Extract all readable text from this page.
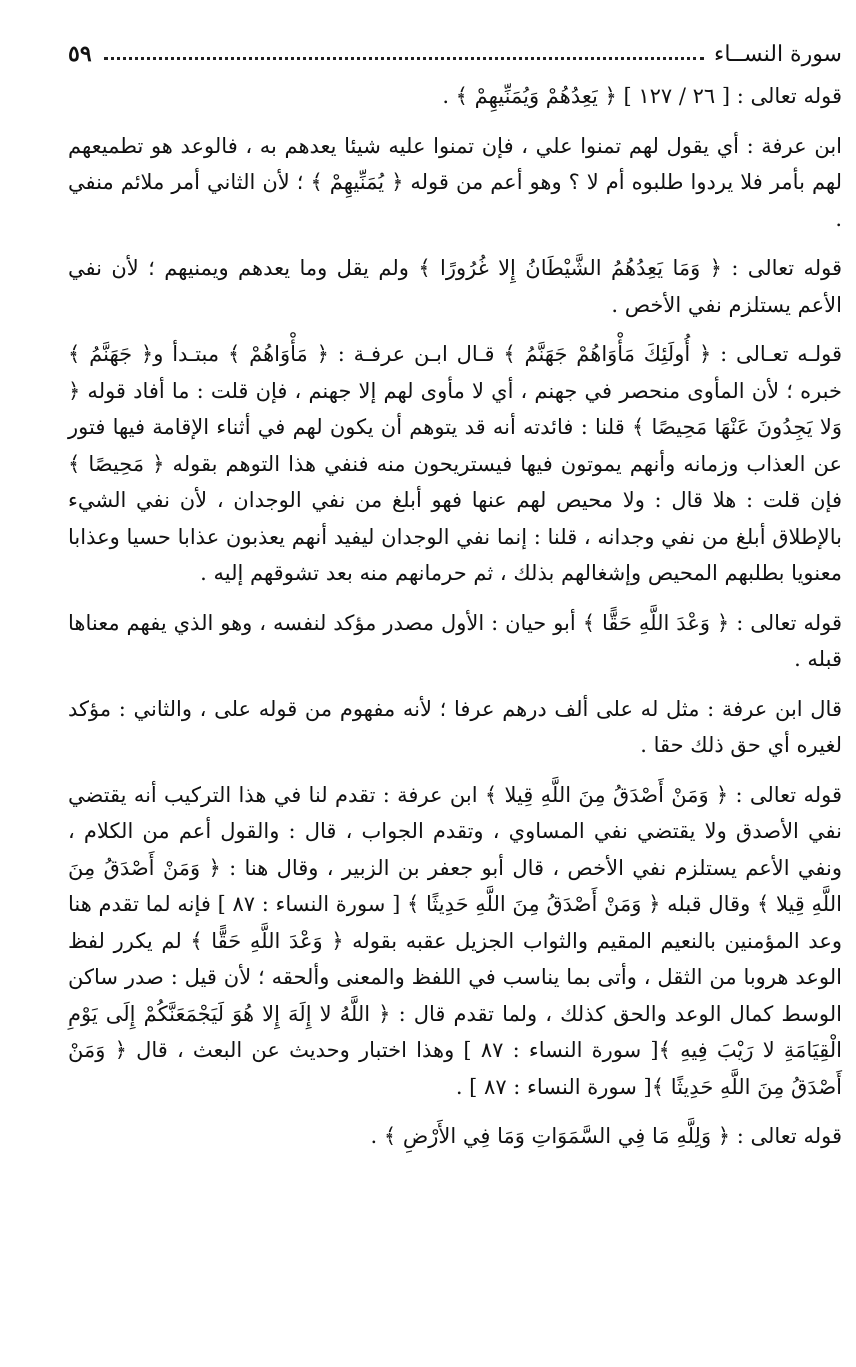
سورة النســاء
٥٩

قوله تعالى : [ ٢٦ / ١٢٧ ] ﴿ يَعِدُهُمْ وَيُمَنِّيهِمْ ﴾ .

ابن عرفة : أي يقول لهم تمنوا علي ، فإن تمنوا عليه شيئا يعدهم به ، فالوعد هو تطميعهم لهم بأمر فلا يردوا طلبوه أم لا ؟ وهو أعم من قوله ﴿ يُمَنِّيهِمْ ﴾ ؛ لأن الثاني أمر ملائم منفي .

قوله تعالى : ﴿ وَمَا يَعِدُهُمُ الشَّيْطَانُ إِلا غُرُورًا ﴾ ولم يقل وما يعدهم ويمنيهم ؛ لأن نفي الأعم يستلزم نفي الأخص .

قولـه تعـالى : ﴿ أُولَئِكَ مَأْوَاهُمْ جَهَنَّمُ ﴾ قـال ابـن عرفـة : ﴿ مَأْوَاهُمْ ﴾ مبتـدأ و﴿ جَهَنَّمُ ﴾ خبره ؛ لأن المأوى منحصر في جهنم ، أي لا مأوى لهم إلا جهنم ، فإن قلت : ما أفاد قوله ﴿ وَلا يَجِدُونَ عَنْهَا مَحِيصًا ﴾ قلنا : فائدته أنه قد يتوهم أن يكون لهم في أثناء الإقامة فيها فتور عن العذاب وزمانه وأنهم يموتون فيها فيستريحون منه فنفي هذا التوهم بقوله ﴿ مَحِيصًا ﴾ فإن قلت : هلا قال : ولا محيص لهم عنها فهو أبلغ من نفي الوجدان ، لأن نفي الشيء بالإطلاق أبلغ من نفي وجدانه ، قلنا : إنما نفي الوجدان ليفيد أنهم يعذبون عذابا حسيا وعذابا معنويا بطلبهم المحيص وإشغالهم بذلك ، ثم حرمانهم منه بعد تشوقهم إليه .

قوله تعالى : ﴿ وَعْدَ اللَّهِ حَقًّا ﴾ أبو حيان : الأول مصدر مؤكد لنفسه ، وهو الذي يفهم معناها قبله .

قال ابن عرفة : مثل له على ألف درهم عرفا ؛ لأنه مفهوم من قوله على ، والثاني : مؤكد لغيره أي حق ذلك حقا .

قوله تعالى : ﴿ وَمَنْ أَصْدَقُ مِنَ اللَّهِ قِيلا ﴾ ابن عرفة : تقدم لنا في هذا التركيب أنه يقتضي نفي الأصدق ولا يقتضي نفي المساوي ، وتقدم الجواب ، قال : والقول أعم من الكلام ، ونفي الأعم يستلزم نفي الأخص ، قال أبو جعفر بن الزبير ، وقال هنا : ﴿ وَمَنْ أَصْدَقُ مِنَ اللَّهِ قِيلا ﴾ وقال قبله ﴿ وَمَنْ أَصْدَقُ مِنَ اللَّهِ حَدِيثًا ﴾ [ سورة النساء : ٨٧ ] فإنه لما تقدم هنا وعد المؤمنين بالنعيم المقيم والثواب الجزيل عقبه بقوله ﴿ وَعْدَ اللَّهِ حَقًّا ﴾ لم يكرر لفظ الوعد هروبا من الثقل ، وأتى بما يناسب في اللفظ والمعنى وألحقه ؛ لأن قيل : صدر ساكن الوسط كمال الوعد والحق كذلك ، ولما تقدم قال : ﴿ اللَّهُ لا إِلَهَ إِلا هُوَ لَيَجْمَعَنَّكُمْ إِلَى يَوْمِ الْقِيَامَةِ لا رَيْبَ فِيهِ ﴾[ سورة النساء : ٨٧ ] وهذا اختبار وحديث عن البعث ، قال ﴿ وَمَنْ أَصْدَقُ مِنَ اللَّهِ حَدِيثًا ﴾[ سورة النساء : ٨٧ ] .

قوله تعالى : ﴿ وَلِلَّهِ مَا فِي السَّمَوَاتِ وَمَا فِي الأَرْضِ ﴾ .
